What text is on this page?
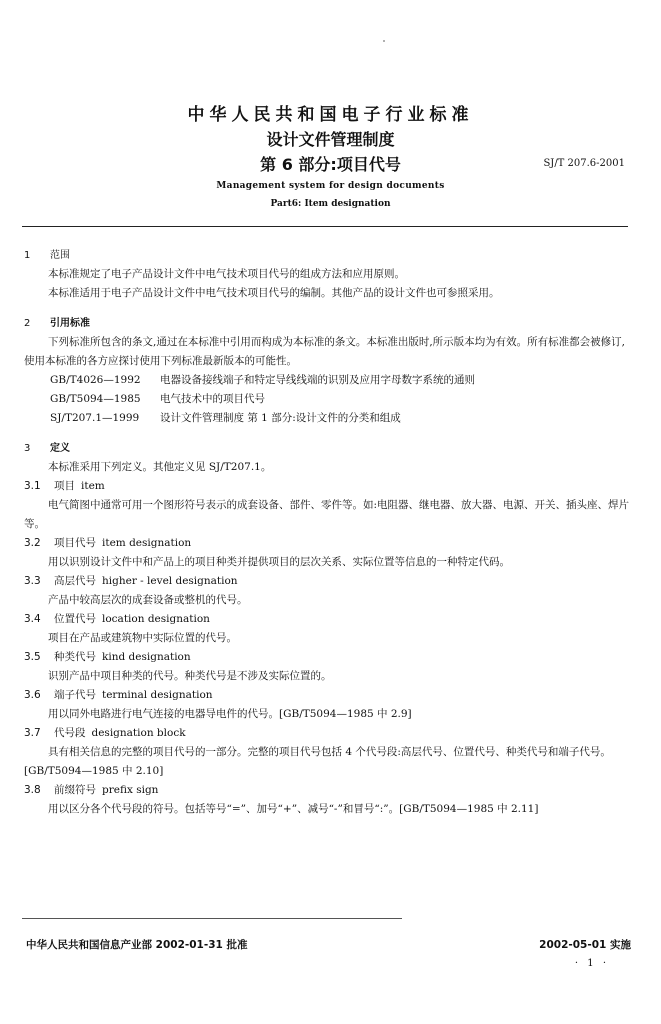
中华人民共和国电子行业标准
设计文件管理制度
第 6 部分:项目代号	SJ/T 207.6-2001
Management system for design documents
Part6: Item designation

1 范围

本标准规定了电子产品设计文件中电气技术项目代号的组成方法和应用原则。

本标准适用于电子产品设计文件中电气技术项目代号的编制。其他产品的设计文件也可参照采用。

2 引用标准

下列标准所包含的条文,通过在本标准中引用而构成为本标准的条文。本标准出版时,所示版本均为有效。所有标准都会被修订,使用本标准的各方应探讨使用下列标准最新版本的可能性。

GB/T4026—1992 电器设备接线端子和特定导线线端的识别及应用字母数字系统的通则

GB/T5094—1985 电气技术中的项目代号

SJ/T207.1—1999 设计文件管理制度 第 1 部分:设计文件的分类和组成

3 定义

本标准采用下列定义。其他定义见 SJ/T207.1。

3.1 项目 item

电气简图中通常可用一个图形符号表示的成套设备、部件、零件等。如:电阻器、继电器、放大器、电源、开关、插头座、焊片等。

3.2 项目代号 item designation

用以识别设计文件中和产品上的项目种类并提供项目的层次关系、实际位置等信息的一种特定代码。

3.3 高层代号 higher - level designation

产品中较高层次的成套设备或整机的代号。

3.4 位置代号 location designation

项目在产品或建筑物中实际位置的代号。

3.5 种类代号 kind designation

识别产品中项目种类的代号。种类代号是不涉及实际位置的。

3.6 端子代号 terminal designation

用以同外电路进行电气连接的电器导电件的代号。[GB/T5094—1985 中 2.9]

3.7 代号段 designation block

具有相关信息的完整的项目代号的一部分。完整的项目代号包括 4 个代号段:高层代号、位置代号、种类代号和端子代号。[GB/T5094—1985 中 2.10]

3.8 前缀符号 prefix sign

用以区分各个代号段的符号。包括等号“=”、加号“+”、减号“-”和冒号“:”。[GB/T5094—1985 中 2.11]

中华人民共和国信息产业部 2002-01-31 批准	2002-05-01 实施
· 1 ·
